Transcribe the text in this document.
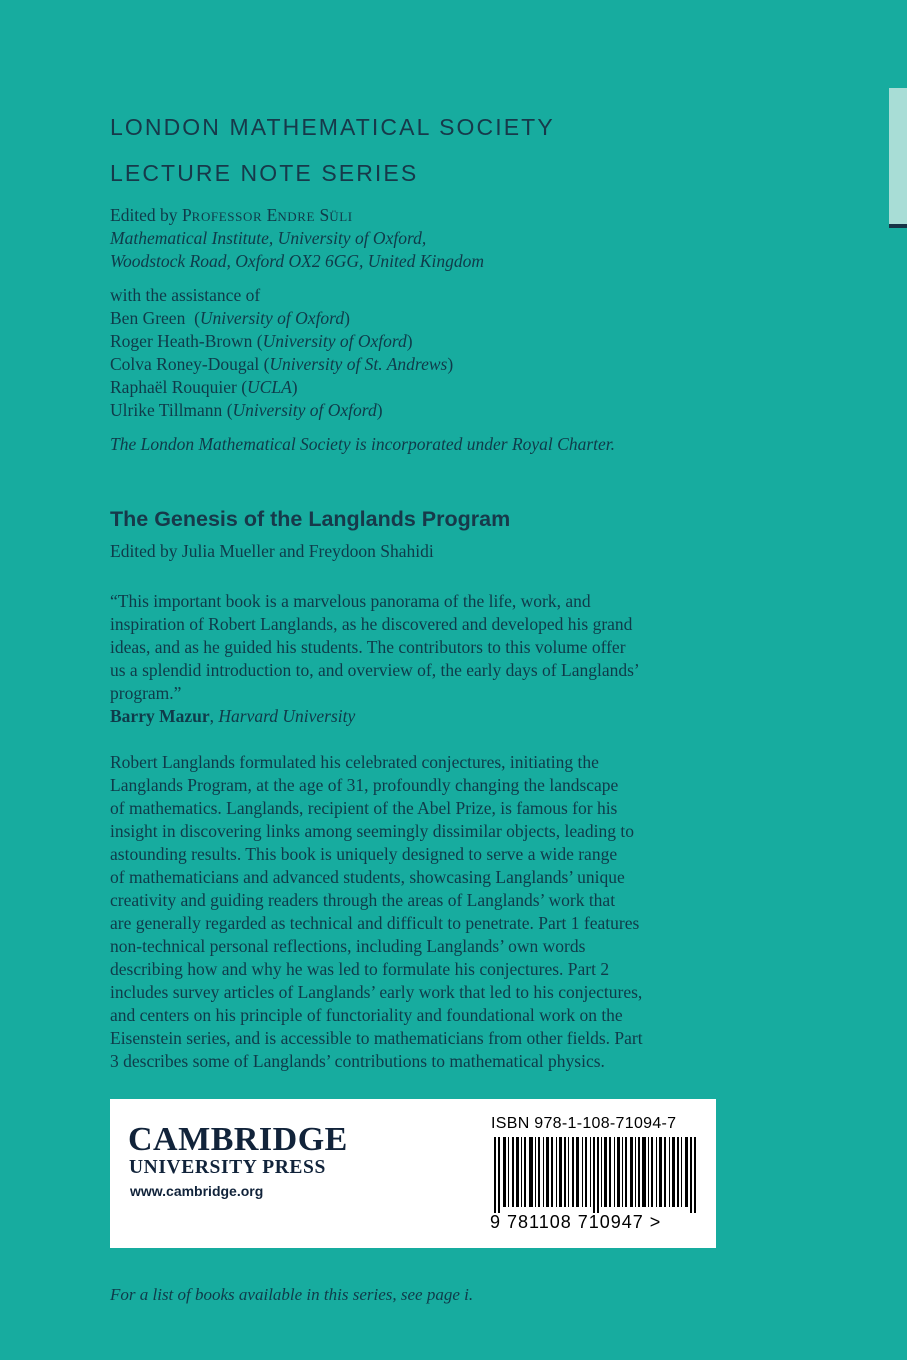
LONDON MATHEMATICAL SOCIETY
LECTURE NOTE SERIES
Edited by PROFESSOR ENDRE SÜLI
Mathematical Institute, University of Oxford,
Woodstock Road, Oxford OX2 6GG, United Kingdom
with the assistance of
Ben Green  (University of Oxford)
Roger Heath-Brown (University of Oxford)
Colva Roney-Dougal (University of St. Andrews)
Raphaël Rouquier (UCLA)
Ulrike Tillmann (University of Oxford)
The London Mathematical Society is incorporated under Royal Charter.
The Genesis of the Langlands Program
Edited by Julia Mueller and Freydoon Shahidi
“This important book is a marvelous panorama of the life, work, and
inspiration of Robert Langlands, as he discovered and developed his grand
ideas, and as he guided his students. The contributors to this volume offer
us a splendid introduction to, and overview of, the early days of Langlands’
program.”
Barry Mazur, Harvard University
Robert Langlands formulated his celebrated conjectures, initiating the
Langlands Program, at the age of 31, profoundly changing the landscape
of mathematics. Langlands, recipient of the Abel Prize, is famous for his
insight in discovering links among seemingly dissimilar objects, leading to
astounding results. This book is uniquely designed to serve a wide range
of mathematicians and advanced students, showcasing Langlands’ unique
creativity and guiding readers through the areas of Langlands’ work that
are generally regarded as technical and difficult to penetrate. Part 1 features
non-technical personal reflections, including Langlands’ own words
describing how and why he was led to formulate his conjectures. Part 2
includes survey articles of Langlands’ early work that led to his conjectures,
and centers on his principle of functoriality and foundational work on the
Eisenstein series, and is accessible to mathematicians from other fields. Part
3 describes some of Langlands’ contributions to mathematical physics.
CAMBRIDGE
UNIVERSITY PRESS
www.cambridge.org
ISBN 978-1-108-71094-7
9 781108 710947 >
For a list of books available in this series, see page i.
